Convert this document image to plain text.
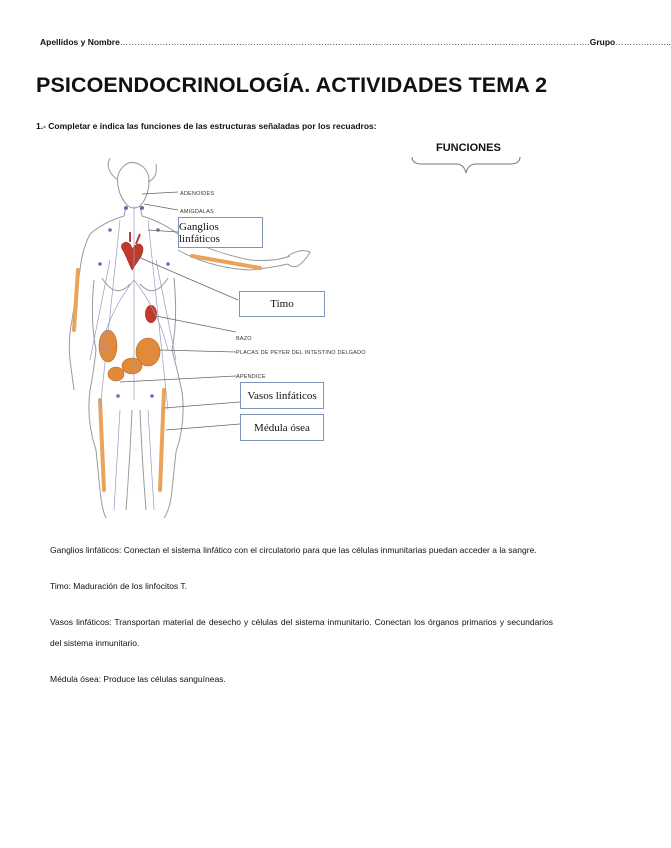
Apellidos y Nombre………………………………………………………………………………………………………………………………………………….Grupo………………..
PSICOENDOCRINOLOGÍA. ACTIVIDADES TEMA 2
1.- Completar e indica las funciones de las estructuras señaladas por los recuadros:
FUNCIONES
ADENOIDES
AMIGDALAS
BAZO
PLACAS DE PEYER DEL INTESTINO DELGADO
APENDICE
Ganglios linfáticos
Timo
Vasos linfáticos
Médula ósea

Ganglios linfáticos: Conectan el sistema linfático con el circulatorio para que las células inmunitarias puedan acceder a la sangre.

Timo: Maduración de los linfocitos T.

Vasos linfáticos: Transportan material de desecho y células del sistema inmunitario. Conectan los órganos primarios y secundarios del sistema inmunitario.

Médula ósea: Produce las células sanguíneas.
